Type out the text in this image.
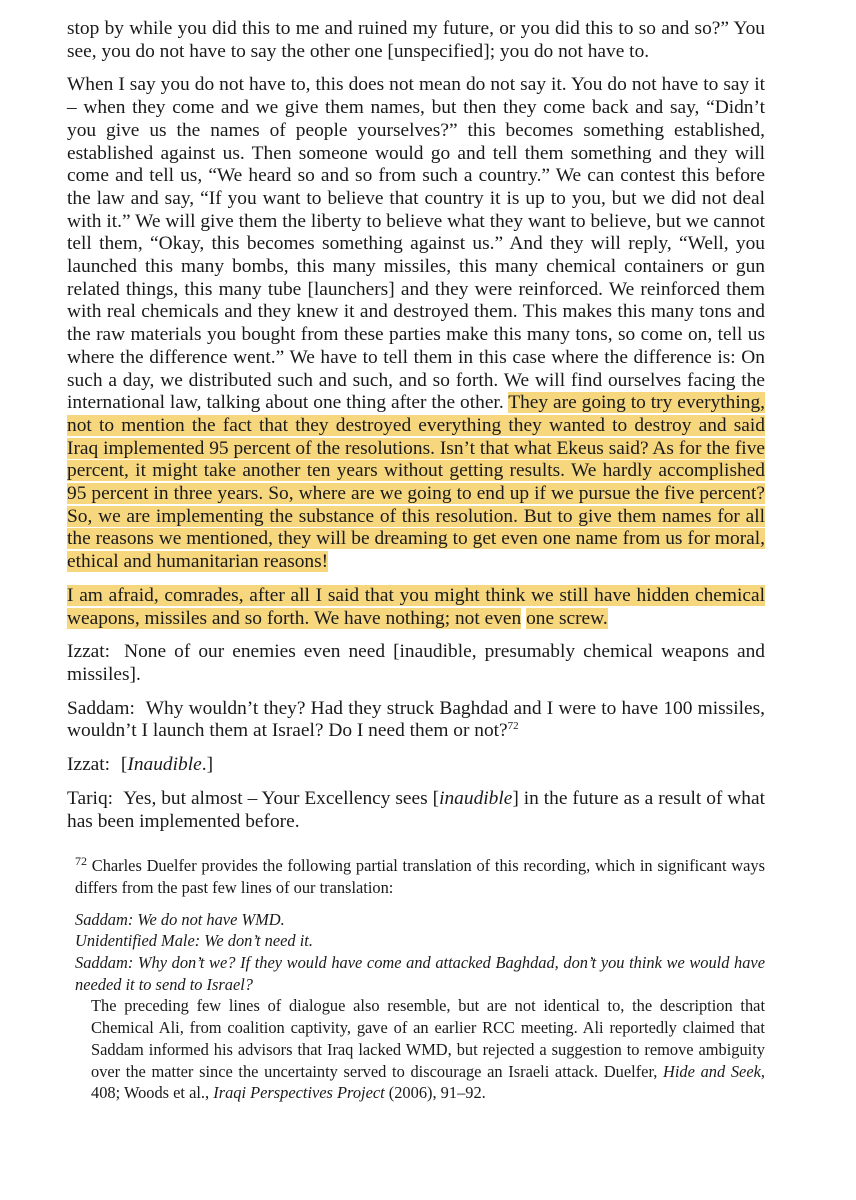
stop by while you did this to me and ruined my future, or you did this to so and so?” You see, you do not have to say the other one [unspecified]; you do not have to.

When I say you do not have to, this does not mean do not say it. You do not have to say it – when they come and we give them names, but then they come back and say, “Didn’t you give us the names of people yourselves?” this becomes something established, established against us. Then someone would go and tell them something and they will come and tell us, “We heard so and so from such a country.” We can contest this before the law and say, “If you want to believe that country it is up to you, but we did not deal with it.” We will give them the liberty to believe what they want to believe, but we cannot tell them, “Okay, this becomes something against us.” And they will reply, “Well, you launched this many bombs, this many missiles, this many chemical containers or gun related things, this many tube [launchers] and they were reinforced. We reinforced them with real chemicals and they knew it and destroyed them. This makes this many tons and the raw materials you bought from these parties make this many tons, so come on, tell us where the difference went.” We have to tell them in this case where the difference is: On such a day, we distributed such and such, and so forth. We will find ourselves facing the international law, talking about one thing after the other. They are going to try everything, not to mention the fact that they destroyed everything they wanted to destroy and said Iraq implemented 95 percent of the resolutions. Isn’t that what Ekeus said? As for the five percent, it might take another ten years without getting results. We hardly accomplished 95 percent in three years. So, where are we going to end up if we pursue the five percent? So, we are implementing the substance of this resolution. But to give them names for all the reasons we mentioned, they will be dreaming to get even one name from us for moral, ethical and humanitarian reasons!

I am afraid, comrades, after all I said that you might think we still have hidden chemical weapons, missiles and so forth. We have nothing; not even one screw.

Izzat: None of our enemies even need [inaudible, presumably chemical weapons and missiles].

Saddam: Why wouldn’t they? Had they struck Baghdad and I were to have 100 missiles, wouldn’t I launch them at Israel? Do I need them or not?$^{72}$

Izzat: [Inaudible.]

Tariq: Yes, but almost – Your Excellency sees [inaudible] in the future as a result of what has been implemented before.

$^{72}$ Charles Duelfer provides the following partial translation of this recording, which in significant ways differs from the past few lines of our translation:

Saddam: We do not have WMD.
Unidentified Male: We don’t need it.
Saddam: Why don’t we? If they would have come and attacked Baghdad, don’t you think we would have needed it to send to Israel?

The preceding few lines of dialogue also resemble, but are not identical to, the description that Chemical Ali, from coalition captivity, gave of an earlier RCC meeting. Ali reportedly claimed that Saddam informed his advisors that Iraq lacked WMD, but rejected a suggestion to remove ambiguity over the matter since the uncertainty served to discourage an Israeli attack. Duelfer, Hide and Seek, 408; Woods et al., Iraqi Perspectives Project (2006), 91–92.
